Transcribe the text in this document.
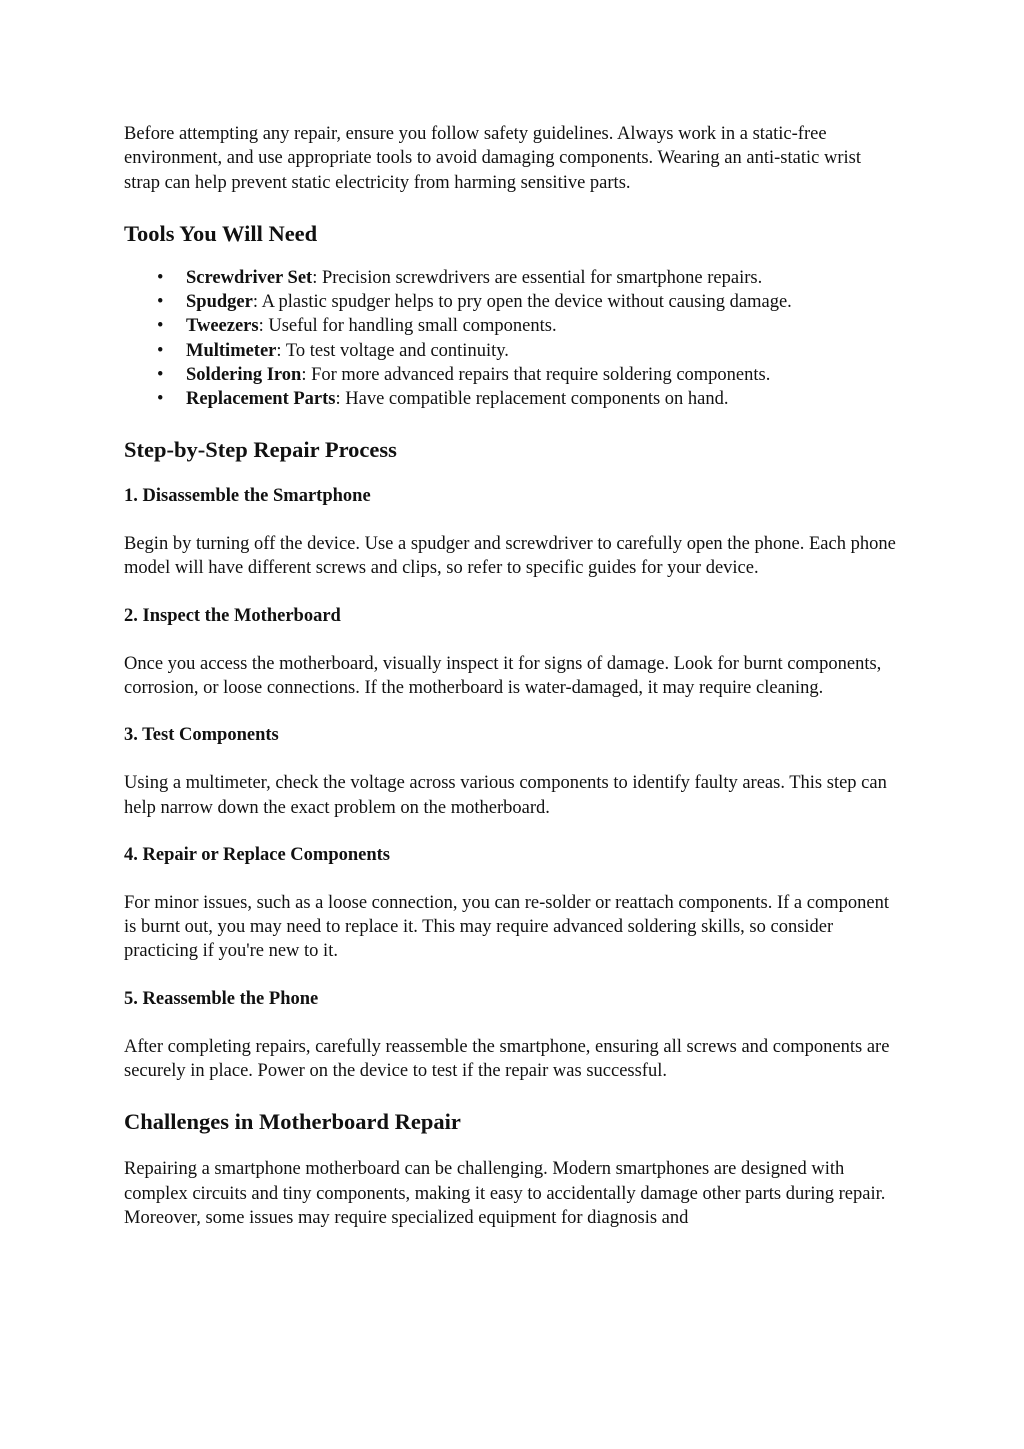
Before attempting any repair, ensure you follow safety guidelines. Always work in a static-free environment, and use appropriate tools to avoid damaging components. Wearing an anti-static wrist strap can help prevent static electricity from harming sensitive parts.

Tools You Will Need
• Screwdriver Set: Precision screwdrivers are essential for smartphone repairs.
• Spudger: A plastic spudger helps to pry open the device without causing damage.
• Tweezers: Useful for handling small components.
• Multimeter: To test voltage and continuity.
• Soldering Iron: For more advanced repairs that require soldering components.
• Replacement Parts: Have compatible replacement components on hand.
Step-by-Step Repair Process
1. Disassemble the Smartphone

Begin by turning off the device. Use a spudger and screwdriver to carefully open the phone. Each phone model will have different screws and clips, so refer to specific guides for your device.

2. Inspect the Motherboard

Once you access the motherboard, visually inspect it for signs of damage. Look for burnt components, corrosion, or loose connections. If the motherboard is water-damaged, it may require cleaning.

3. Test Components

Using a multimeter, check the voltage across various components to identify faulty areas. This step can help narrow down the exact problem on the motherboard.

4. Repair or Replace Components

For minor issues, such as a loose connection, you can re-solder or reattach components. If a component is burnt out, you may need to replace it. This may require advanced soldering skills, so consider practicing if you're new to it.

5. Reassemble the Phone

After completing repairs, carefully reassemble the smartphone, ensuring all screws and components are securely in place. Power on the device to test if the repair was successful.

Challenges in Motherboard Repair

Repairing a smartphone motherboard can be challenging. Modern smartphones are designed with complex circuits and tiny components, making it easy to accidentally damage other parts during repair. Moreover, some issues may require specialized equipment for diagnosis and
